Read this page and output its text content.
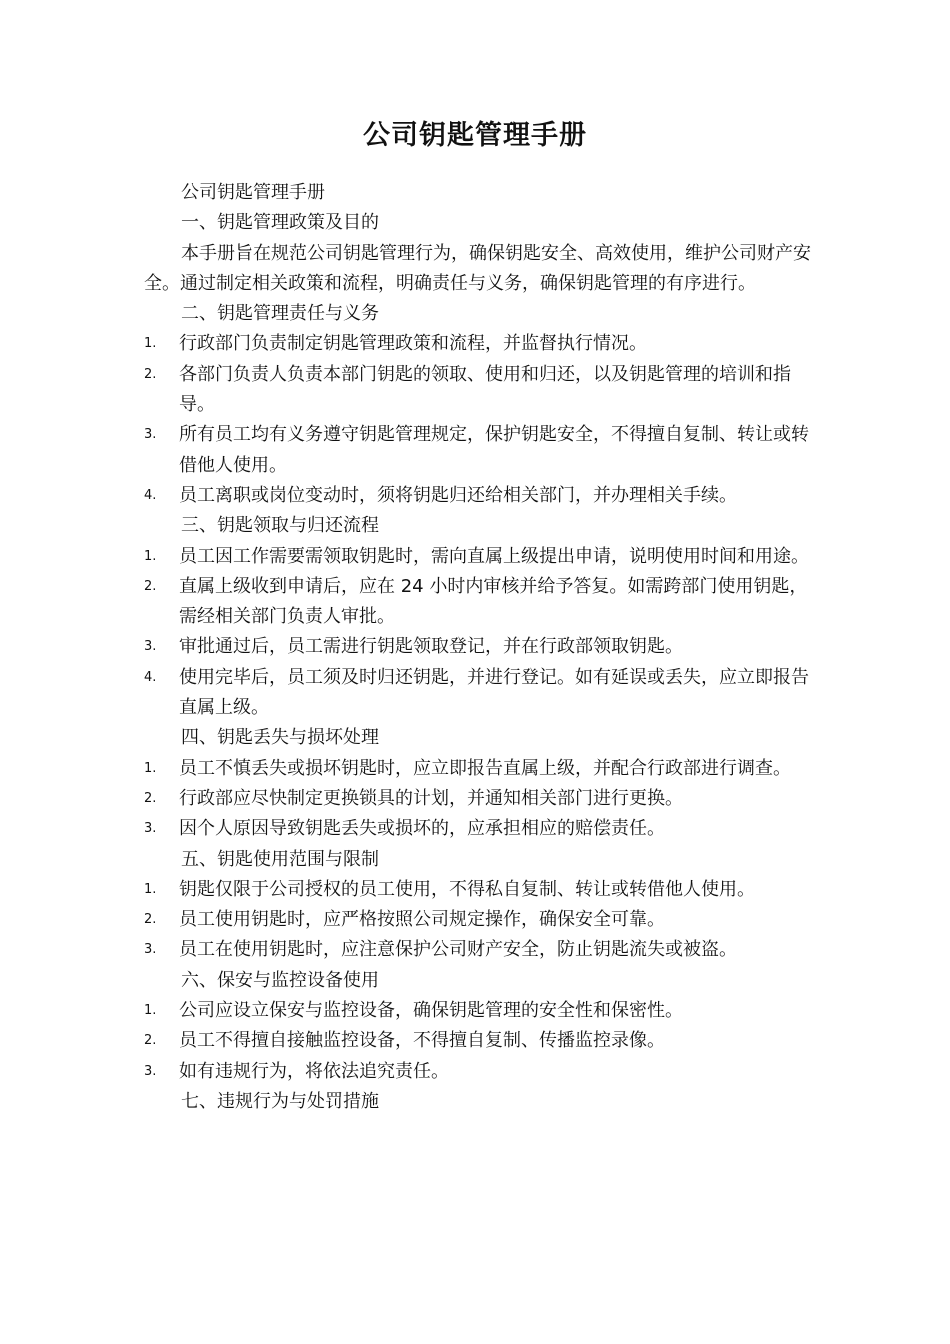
公司钥匙管理手册

公司钥匙管理手册

一、钥匙管理政策及目的

本手册旨在规范公司钥匙管理行为，确保钥匙安全、高效使用，维护公司财产安全。通过制定相关政策和流程，明确责任与义务，确保钥匙管理的有序进行。

二、钥匙管理责任与义务

1. 行政部门负责制定钥匙管理政策和流程，并监督执行情况。
2. 各部门负责人负责本部门钥匙的领取、使用和归还，以及钥匙管理的培训和指导。
3. 所有员工均有义务遵守钥匙管理规定，保护钥匙安全，不得擅自复制、转让或转借他人使用。
4. 员工离职或岗位变动时，须将钥匙归还给相关部门，并办理相关手续。

三、钥匙领取与归还流程

1. 员工因工作需要需领取钥匙时，需向直属上级提出申请，说明使用时间和用途。
2. 直属上级收到申请后，应在 24 小时内审核并给予答复。如需跨部门使用钥匙，需经相关部门负责人审批。
3. 审批通过后，员工需进行钥匙领取登记，并在行政部领取钥匙。
4. 使用完毕后，员工须及时归还钥匙，并进行登记。如有延误或丢失，应立即报告直属上级。

四、钥匙丢失与损坏处理

1. 员工不慎丢失或损坏钥匙时，应立即报告直属上级，并配合行政部进行调查。
2. 行政部应尽快制定更换锁具的计划，并通知相关部门进行更换。
3. 因个人原因导致钥匙丢失或损坏的，应承担相应的赔偿责任。

五、钥匙使用范围与限制

1. 钥匙仅限于公司授权的员工使用，不得私自复制、转让或转借他人使用。
2. 员工使用钥匙时，应严格按照公司规定操作，确保安全可靠。
3. 员工在使用钥匙时，应注意保护公司财产安全，防止钥匙流失或被盗。

六、保安与监控设备使用

1. 公司应设立保安与监控设备，确保钥匙管理的安全性和保密性。
2. 员工不得擅自接触监控设备，不得擅自复制、传播监控录像。
3. 如有违规行为，将依法追究责任。

七、违规行为与处罚措施
